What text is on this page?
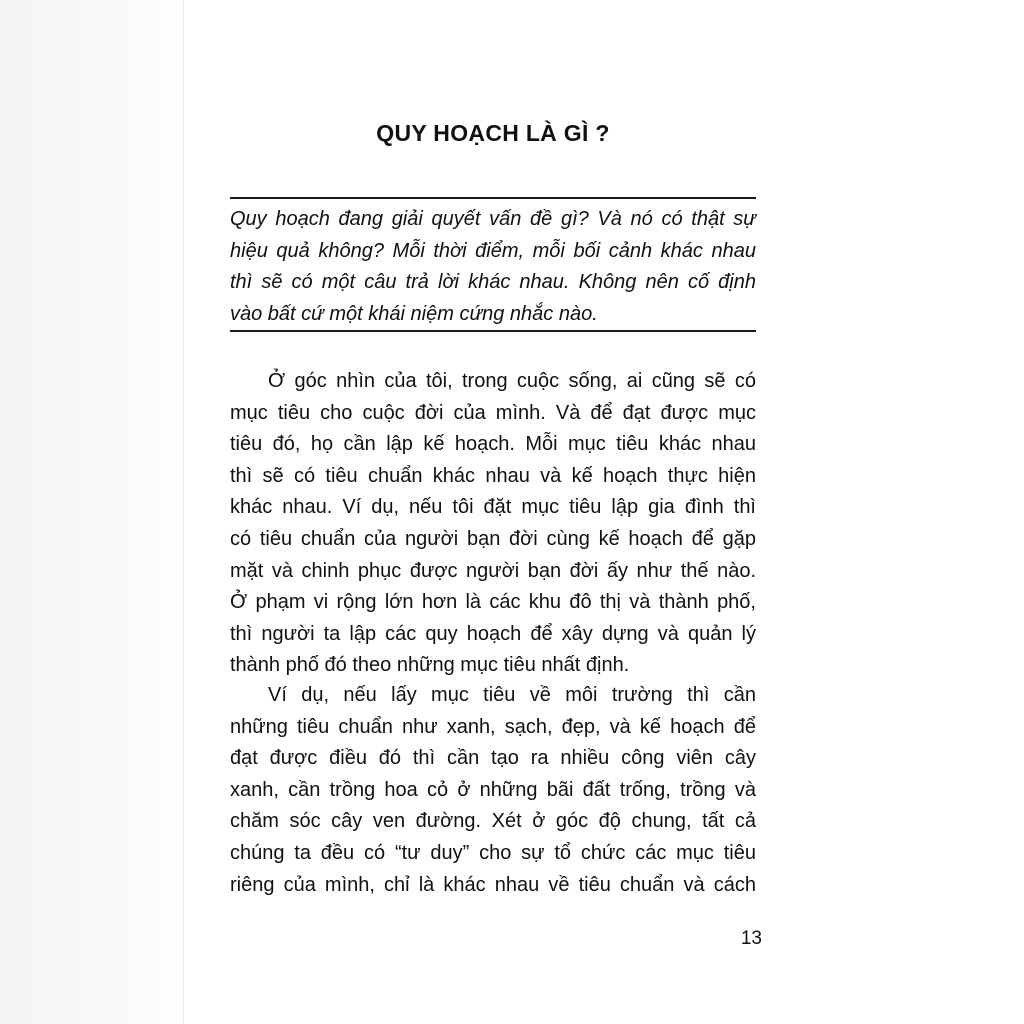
QUY HOẠCH LÀ GÌ ?
Quy hoạch đang giải quyết vấn đề gì? Và nó có thật sự
hiệu quả không? Mỗi thời điểm, mỗi bối cảnh khác nhau
thì sẽ có một câu trả lời khác nhau. Không nên cố định
vào bất cứ một khái niệm cứng nhắc nào.
Ở góc nhìn của tôi, trong cuộc sống, ai cũng sẽ có
mục tiêu cho cuộc đời của mình. Và để đạt được mục
tiêu đó, họ cần lập kế hoạch. Mỗi mục tiêu khác nhau
thì sẽ có tiêu chuẩn khác nhau và kế hoạch thực hiện
khác nhau. Ví dụ, nếu tôi đặt mục tiêu lập gia đình thì
có tiêu chuẩn của người bạn đời cùng kế hoạch để gặp
mặt và chinh phục được người bạn đời ấy như thế nào.
Ở phạm vi rộng lớn hơn là các khu đô thị và thành phố,
thì người ta lập các quy hoạch để xây dựng và quản lý
thành phố đó theo những mục tiêu nhất định.
Ví dụ, nếu lấy mục tiêu về môi trường thì cần
những tiêu chuẩn như xanh, sạch, đẹp, và kế hoạch để
đạt được điều đó thì cần tạo ra nhiều công viên cây
xanh, cần trồng hoa cỏ ở những bãi đất trống, trồng và
chăm sóc cây ven đường. Xét ở góc độ chung, tất cả
chúng ta đều có “tư duy” cho sự tổ chức các mục tiêu
riêng của mình, chỉ là khác nhau về tiêu chuẩn và cách
13
